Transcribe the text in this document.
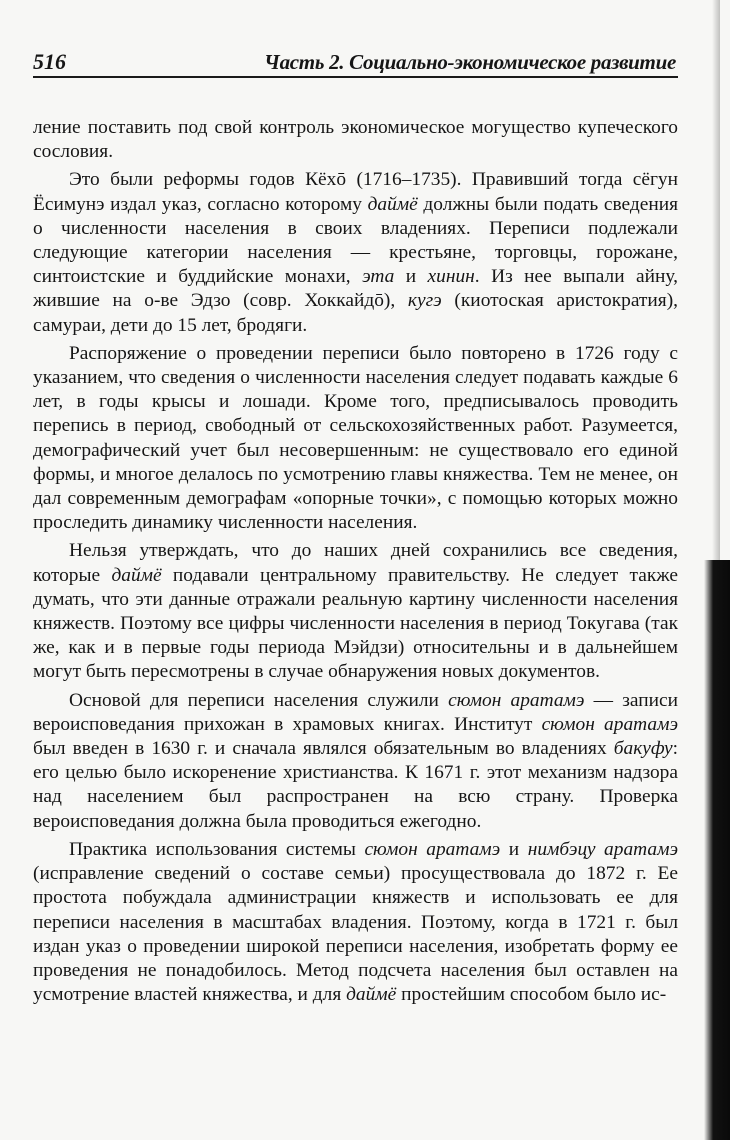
516	Часть 2. Социально-экономическое развитие

ление поставить под свой контроль экономическое могущество купеческого сословия.

Это были реформы годов Кёхō (1716–1735). Правивший тогда сёгун Ёсимунэ издал указ, согласно которому даймё должны были подать сведения о численности населения в своих владениях. Переписи подлежали следующие категории населения — крестьяне, торговцы, горожане, синтоистские и буддийские монахи, эта и хинин. Из нее выпали айну, жившие на о-ве Эдзо (совр. Хоккайдō), кугэ (киотоская аристократия), самураи, дети до 15 лет, бродяги.

Распоряжение о проведении переписи было повторено в 1726 году с указанием, что сведения о численности населения следует подавать каждые 6 лет, в годы крысы и лошади. Кроме того, предписывалось проводить перепись в период, свободный от сельскохозяйственных работ. Разумеется, демографический учет был несовершенным: не существовало его единой формы, и многое делалось по усмотрению главы княжества. Тем не менее, он дал современным демографам «опорные точки», с помощью которых можно проследить динамику численности населения.

Нельзя утверждать, что до наших дней сохранились все сведения, которые даймё подавали центральному правительству. Не следует также думать, что эти данные отражали реальную картину численности населения княжеств. Поэтому все цифры численности населения в период Токугава (так же, как и в первые годы периода Мэйдзи) относительны и в дальнейшем могут быть пересмотрены в случае обнаружения новых документов.

Основой для переписи населения служили сюмон аратамэ — записи вероисповедания прихожан в храмовых книгах. Институт сюмон аратамэ был введен в 1630 г. и сначала являлся обязательным во владениях бакуфу: его целью было искоренение христианства. К 1671 г. этот механизм надзора над населением был распространен на всю страну. Проверка вероисповедания должна была проводиться ежегодно.

Практика использования системы сюмон аратамэ и нимбэцу аратамэ (исправление сведений о составе семьи) просуществовала до 1872 г. Ее простота побуждала администрации княжеств и использовать ее для переписи населения в масштабах владения. Поэтому, когда в 1721 г. был издан указ о проведении широкой переписи населения, изобретать форму ее проведения не понадобилось. Метод подсчета населения был оставлен на усмотрение властей княжества, и для даймё простейшим способом было ис-
